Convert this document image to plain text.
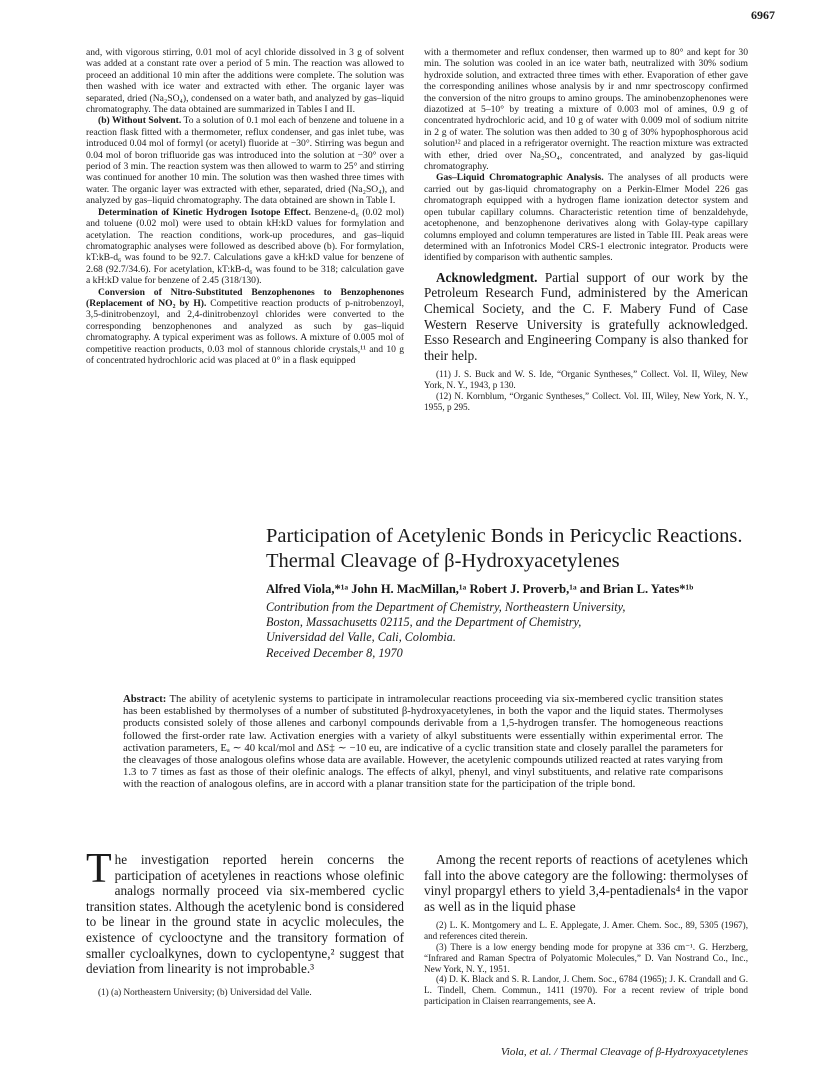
6967

and, with vigorous stirring, 0.01 mol of acyl chloride dissolved in 3 g of solvent was added at a constant rate over a period of 5 min. The reaction was allowed to proceed an additional 10 min after the additions were complete. The solution was then washed with ice water and extracted with ether. The organic layer was separated, dried (Na₂SO₄), condensed on a water bath, and analyzed by gas–liquid chromatography. The data obtained are summarized in Tables I and II.

(b) Without Solvent. To a solution of 0.1 mol each of benzene and toluene in a reaction flask fitted with a thermometer, reflux condenser, and gas inlet tube, was introduced 0.04 mol of formyl (or acetyl) fluoride at −30°. Stirring was begun and 0.04 mol of boron trifluoride gas was introduced into the solution at −30° over a period of 3 min. The reaction system was then allowed to warm to 25° and stirring was continued for another 10 min. The solution was then washed three times with water. The organic layer was extracted with ether, separated, dried (Na₂SO₄), and analyzed by gas–liquid chromatography. The data obtained are shown in Table I.

Determination of Kinetic Hydrogen Isotope Effect. Benzene-d₆ (0.02 mol) and toluene (0.02 mol) were used to obtain kH:kD values for formylation and acetylation. The reaction conditions, work-up procedures, and gas–liquid chromatographic analyses were followed as described above (b). For formylation, kT:kB-d₆ was found to be 92.7. Calculations gave a kH:kD value for benzene of 2.68 (92.7/34.6). For acetylation, kT:kB-d₆ was found to be 318; calculation gave a kH:kD value for benzene of 2.45 (318/130).

Conversion of Nitro-Substituted Benzophenones to Benzophenones (Replacement of NO₂ by H). Competitive reaction products of p-nitrobenzoyl, 3,5-dinitrobenzoyl, and 2,4-dinitrobenzoyl chlorides were converted to the corresponding benzophenones and analyzed as such by gas–liquid chromatography. A typical experiment was as follows. A mixture of 0.005 mol of competitive reaction products, 0.03 mol of stannous chloride crystals,¹¹ and 10 g of concentrated hydrochloric acid was placed at 0° in a flask equipped

with a thermometer and reflux condenser, then warmed up to 80° and kept for 30 min. The solution was cooled in an ice water bath, neutralized with 30% sodium hydroxide solution, and extracted three times with ether. Evaporation of ether gave the corresponding anilines whose analysis by ir and nmr spectroscopy confirmed the conversion of the nitro groups to amino groups. The aminobenzophenones were diazotized at 5–10° by treating a mixture of 0.003 mol of amines, 0.9 g of concentrated hydrochloric acid, and 10 g of water with 0.009 mol of sodium nitrite in 2 g of water. The solution was then added to 30 g of 30% hypophosphorous acid solution¹² and placed in a refrigerator overnight. The reaction mixture was extracted with ether, dried over Na₂SO₄, concentrated, and analyzed by gas-liquid chromatography.

Gas–Liquid Chromatographic Analysis. The analyses of all products were carried out by gas-liquid chromatography on a Perkin-Elmer Model 226 gas chromatograph equipped with a hydrogen flame ionization detector system and open tubular capillary columns. Characteristic retention time of benzaldehyde, acetophenone, and benzophenone derivatives along with Golay-type capillary columns employed and column temperatures are listed in Table III. Peak areas were determined with an Infotronics Model CRS-1 electronic integrator. Products were identified by comparison with authentic samples.

Acknowledgment. Partial support of our work by the Petroleum Research Fund, administered by the American Chemical Society, and the C. F. Mabery Fund of Case Western Reserve University is gratefully acknowledged. Esso Research and Engineering Company is also thanked for their help.

(11) J. S. Buck and W. S. Ide, “Organic Syntheses,” Collect. Vol. II, Wiley, New York, N. Y., 1943, p 130.

(12) N. Kornblum, “Organic Syntheses,” Collect. Vol. III, Wiley, New York, N. Y., 1955, p 295.

Participation of Acetylenic Bonds in Pericyclic Reactions.
Thermal Cleavage of β-Hydroxyacetylenes
Alfred Viola,*¹ᵃ John H. MacMillan,¹ᵃ Robert J. Proverb,¹ᵃ and Brian L. Yates*¹ᵇ
Contribution from the Department of Chemistry, Northeastern University,
Boston, Massachusetts 02115, and the Department of Chemistry,
Universidad del Valle, Cali, Colombia.
Received December 8, 1970
Abstract: The ability of acetylenic systems to participate in intramolecular reactions proceeding via six-membered cyclic transition states has been established by thermolyses of a number of substituted β-hydroxyacetylenes, in both the vapor and the liquid states. Thermolyses products consisted solely of those allenes and carbonyl compounds derivable from a 1,5-hydrogen transfer. The homogeneous reactions followed the first-order rate law. Activation energies with a variety of alkyl substituents were essentially within experimental error. The activation parameters, Eₐ ∼ 40 kcal/mol and ΔS‡ ∼ −10 eu, are indicative of a cyclic transition state and closely parallel the parameters for the cleavages of those analogous olefins whose data are available. However, the acetylenic compounds utilized reacted at rates varying from 1.3 to 7 times as fast as those of their olefinic analogs. The effects of alkyl, phenyl, and vinyl substituents, and relative rate comparisons with the reaction of analogous olefins, are in accord with a planar transition state for the participation of the triple bond.
The investigation reported herein concerns the participation of acetylenes in reactions whose olefinic analogs normally proceed via six-membered cyclic transition states. Although the acetylenic bond is considered to be linear in the ground state in acyclic molecules, the existence of cyclooctyne and the transitory formation of smaller cycloalkynes, down to cyclopentyne,² suggest that deviation from linearity is not improbable.³

(1) (a) Northeastern University; (b) Universidad del Valle.

Among the recent reports of reactions of acetylenes which fall into the above category are the following: thermolyses of vinyl propargyl ethers to yield 3,4-pentadienals⁴ in the vapor as well as in the liquid phase

(2) L. K. Montgomery and L. E. Applegate, J. Amer. Chem. Soc., 89, 5305 (1967), and references cited therein.

(3) There is a low energy bending mode for propyne at 336 cm⁻¹. G. Herzberg, “Infrared and Raman Spectra of Polyatomic Molecules,” D. Van Nostrand Co., Inc., New York, N. Y., 1951.

(4) D. K. Black and S. R. Landor, J. Chem. Soc., 6784 (1965); J. K. Crandall and G. L. Tindell, Chem. Commun., 1411 (1970). For a recent review of triple bond participation in Claisen rearrangements, see A.

Viola, et al. / Thermal Cleavage of β-Hydroxyacetylenes
